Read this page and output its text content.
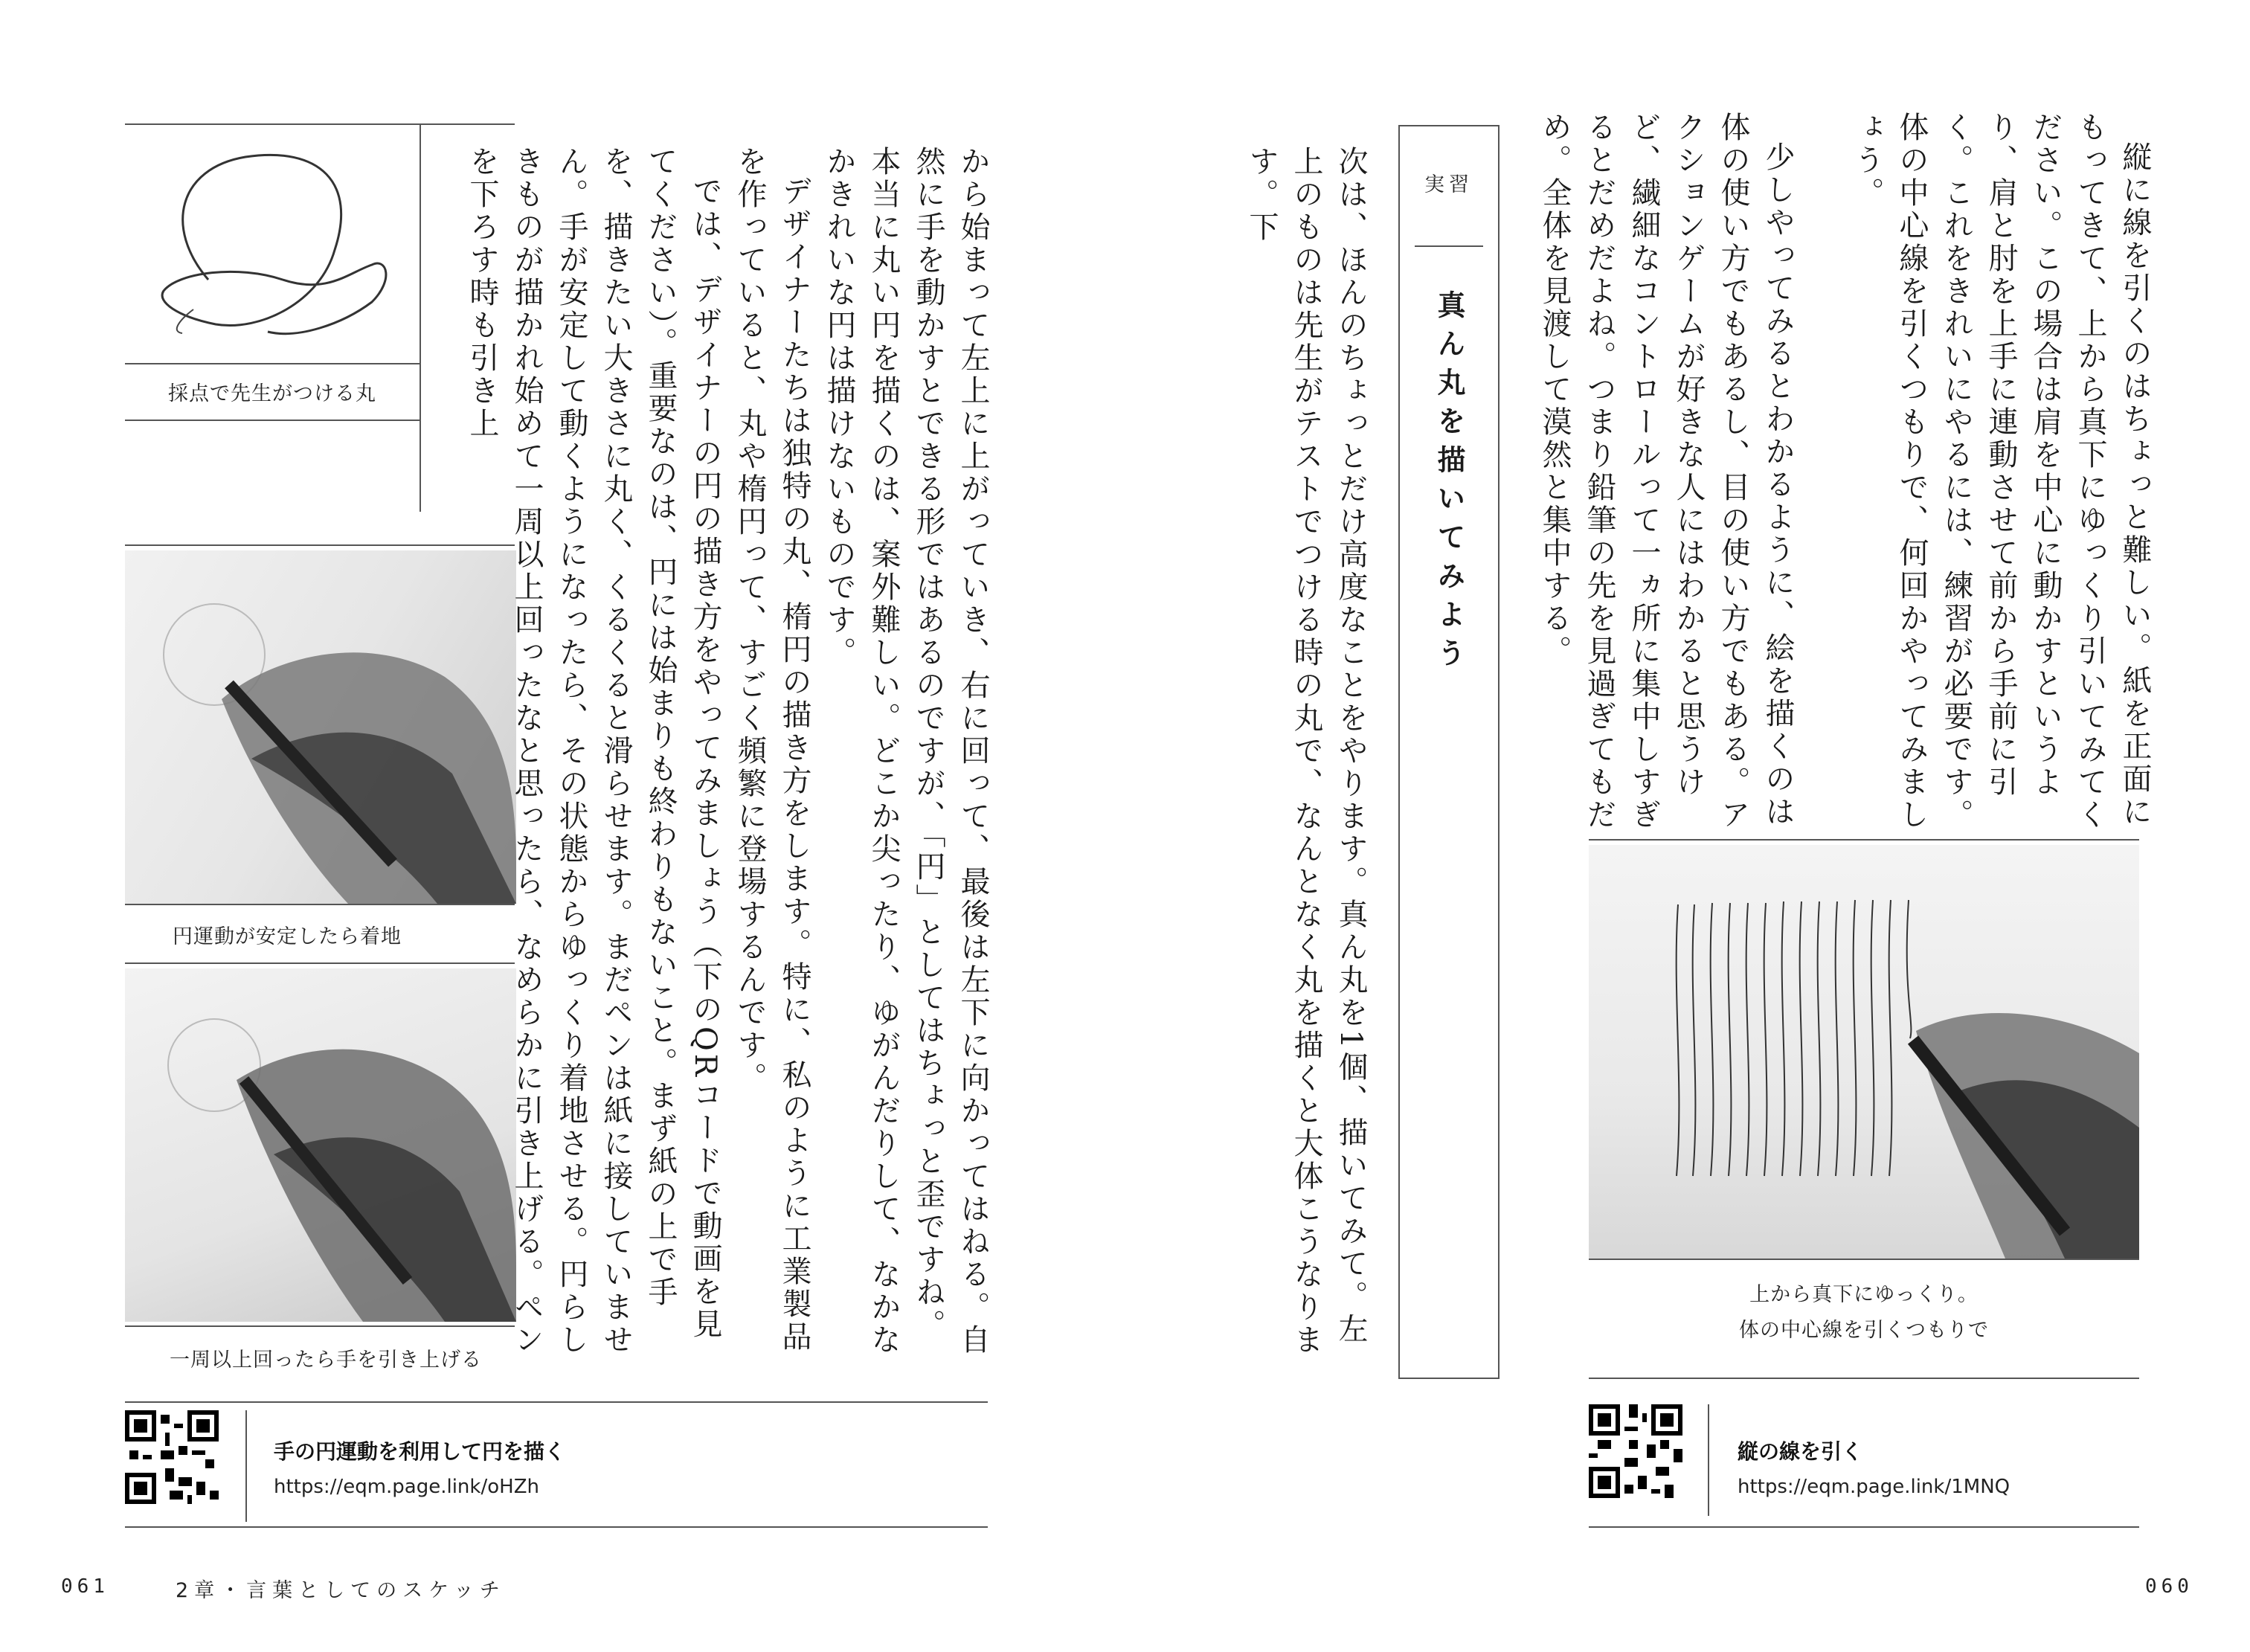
採点で先生がつける丸
円運動が安定したら着地
一周以上回ったら手を引き上げる
から始まって左上に上がっていき、右に回って、最後は左下に向かってはねる。自然に手を動かすとできる形ではあるのですが、「円」としてはちょっと歪ですね。本当に丸い円を描くのは、案外難しい。どこか尖ったり、ゆがんだりして、なかなかきれいな円は描けないものです。
デザイナーたちは独特の丸、楕円の描き方をします。特に、私のように工業製品を作っていると、丸や楕円って、すごく頻繁に登場するんです。
では、デザイナーの円の描き方をやってみましょう（下のQRコードで動画を見てください）。重要なのは、円には始まりも終わりもないこと。まず紙の上で手を、描きたい大きさに丸く、くるくると滑らせます。まだペンは紙に接していません。手が安定して動くようになったら、その状態からゆっくり着地させる。円らしきものが描かれ始めて一周以上回ったなと思ったら、なめらかに引き上げる。ペンを下ろす時も引き上
手の円運動を利用して円を描く
https://eqm.page.link/oHZh
061	2章・言葉としてのスケッチ
実習
真ん丸を描いてみよう
次は、ほんのちょっとだけ高度なことをやります。真ん丸を1個、描いてみて。左上のものは先生がテストでつける時の丸で、なんとなく丸を描くと大体こうなります。下	縦に線を引くのはちょっと難しい。紙を正面にもってきて、上から真下にゆっくり引いてみてください。この場合は肩を中心に動かすというより、肩と肘を上手に連動させて前から手前に引く。これをきれいにやるには、練習が必要です。体の中心線を引くつもりで、何回かやってみましょう。
少しやってみるとわかるように、絵を描くのは体の使い方でもあるし、目の使い方でもある。アクションゲームが好きな人にはわかると思うけど、繊細なコントロールって一ヵ所に集中しすぎるとだめだよね。つまり鉛筆の先を見過ぎてもだめ。全体を見渡して漠然と集中する。
上から真下にゆっくり。
体の中心線を引くつもりで
縦の線を引く
https://eqm.page.link/1MNQ
060
